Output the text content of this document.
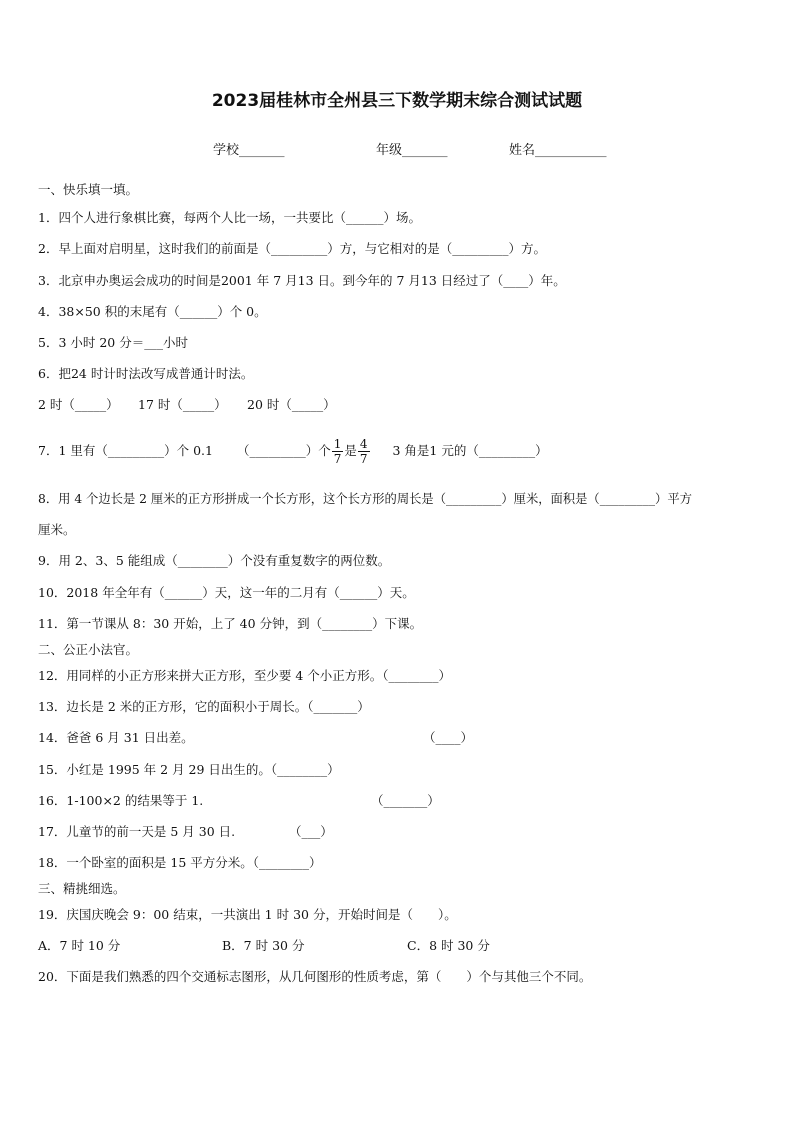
2023届桂林市全州县三下数学期末综合测试试题
学校_______	年级_______	姓名___________
一、快乐填一填。
1．四个人进行象棋比赛，每两个人比一场，一共要比（______）场。
2．早上面对启明星，这时我们的前面是（_________）方，与它相对的是（_________）方。
3．北京申办奥运会成功的时间是2001 年 7 月13 日。到今年的 7 月13 日经过了（____）年。
4．38×50 积的末尾有（______）个 0。
5．3 小时 20 分＝___小时
6．把24 时计时法改写成普通计时法。
2 时（_____） 17 时（_____） 20 时（_____）
7．1 里有（_________）个 0.1 （_________）个 $\frac{1}{7}$ 是 $\frac{4}{7} 3$ 角是1 元的（_________）
8．用 4 个边长是 2 厘米的正方形拼成一个长方形，这个长方形的周长是（_________）厘米，面积是（_________）平方
厘米。
9．用 2、3、5 能组成（________）个没有重复数字的两位数。
10．2018 年全年有（______）天，这一年的二月有（______）天。
11．第一节课从 8：30 开始，上了 40 分钟，到（________）下课。
二、公正小法官。
12．用同样的小正方形来拼大正方形，至少要 4 个小正方形。（________）
13．边长是 2 米的正方形，它的面积小于周长。（_______）
14．爸爸 6 月 31 日出差。	（____）
15．小红是 1995 年 2 月 29 日出生的。（________）
16．1-100×2 的结果等于 1.	（_______）
17．儿童节的前一天是 5 月 30 日.	（___）
18．一个卧室的面积是 15 平方分米。（________）
三、精挑细选。
19．庆国庆晚会 9：00 结束，一共演出 1 时 30 分，开始时间是（　　）。
A．7 时 10 分	B．7 时 30 分	C．8 时 30 分
20．下面是我们熟悉的四个交通标志图形，从几何图形的性质考虑，第（　　）个与其他三个不同。
